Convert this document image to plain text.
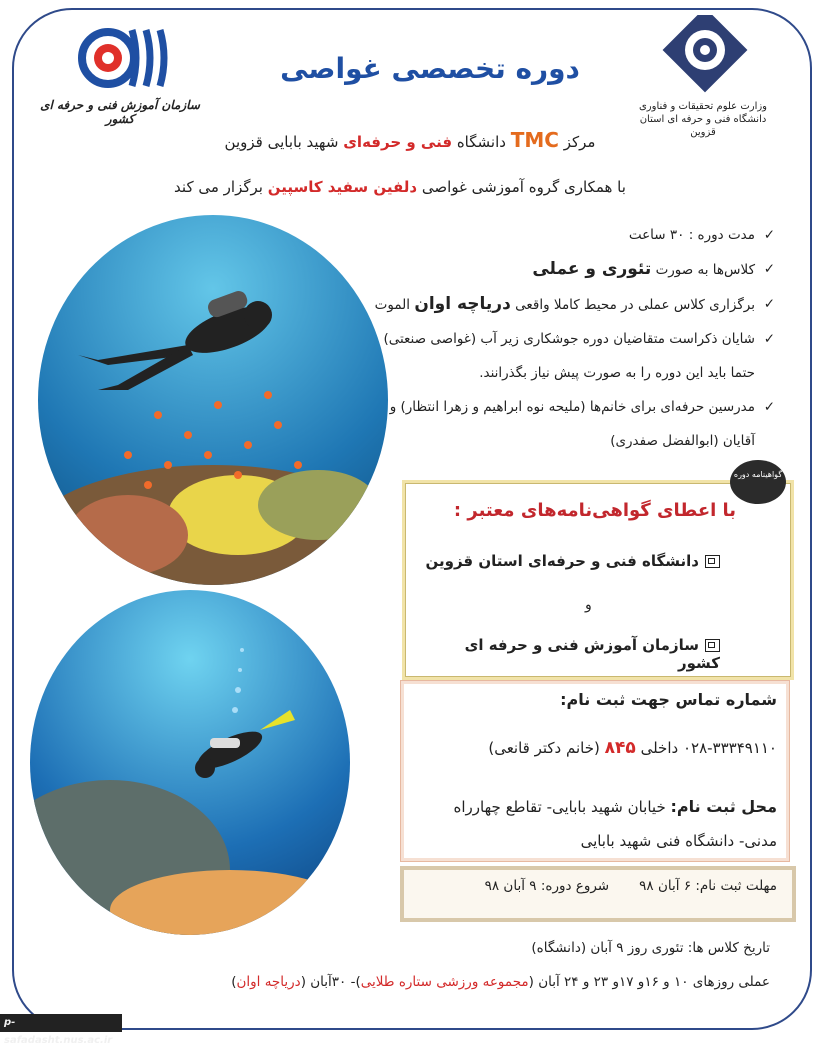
وزارت علوم تحقیقات و فناوری دانشگاه فنی و حرفه ای استان قزوین
سازمان آموزش فنی و حرفه ای کشور
دوره تخصصی غواصی
مرکز TMC دانشگاه فنی و حرفه‌ای شهید بابایی قزوین
با همکاری گروه آموزشی غواصی دلفین سفید کاسپین برگزار می کند
✓ مدت دوره : ۳۰ ساعت
✓ کلاس‌ها به صورت تئوری و عملی
✓ برگزاری کلاس عملی در محیط کاملا واقعی دریاچه اوان الموت
✓ شایان ذکراست متقاضیان دوره جوشکاری زیر آب (غواصی صنعتی) حتما باید این دوره را به صورت پیش نیاز بگذرانند.
✓ مدرسین حرفه‌ای برای خانم‌ها (ملیحه نوه ابراهیم و زهرا انتظار) و آقایان (ابوالفضل صفدری)
گواهینامه دوره
با اعطای گواهی‌نامه‌های معتبر :
دانشگاه فنی و حرفه‌ای استان قزوین
و
سازمان آموزش فنی و حرفه ای کشور
شماره تماس جهت ثبت نام:
۰۲۸-۳۳۳۴۹۱۱۰ داخلی ۸۴۵ (خانم دکتر قانعی)
محل ثبت نام: خیابان شهید بابایی- تقاطع چهارراه مدنی- دانشگاه فنی شهید بابایی
مهلت ثبت نام: ۶ آبان ۹۸       شروع دوره: ۹ آبان ۹۸
تاریخ کلاس ها: تئوری روز ۹ آبان (دانشگاه)
عملی روزهای ۱۰ و ۱۶و ۱۷و ۲۳ و ۲۴ آبان (مجموعه ورزشی ستاره طلایی)- ۳۰آبان (دریاچه اوان)
p-safadasht.nus.ac.ir
